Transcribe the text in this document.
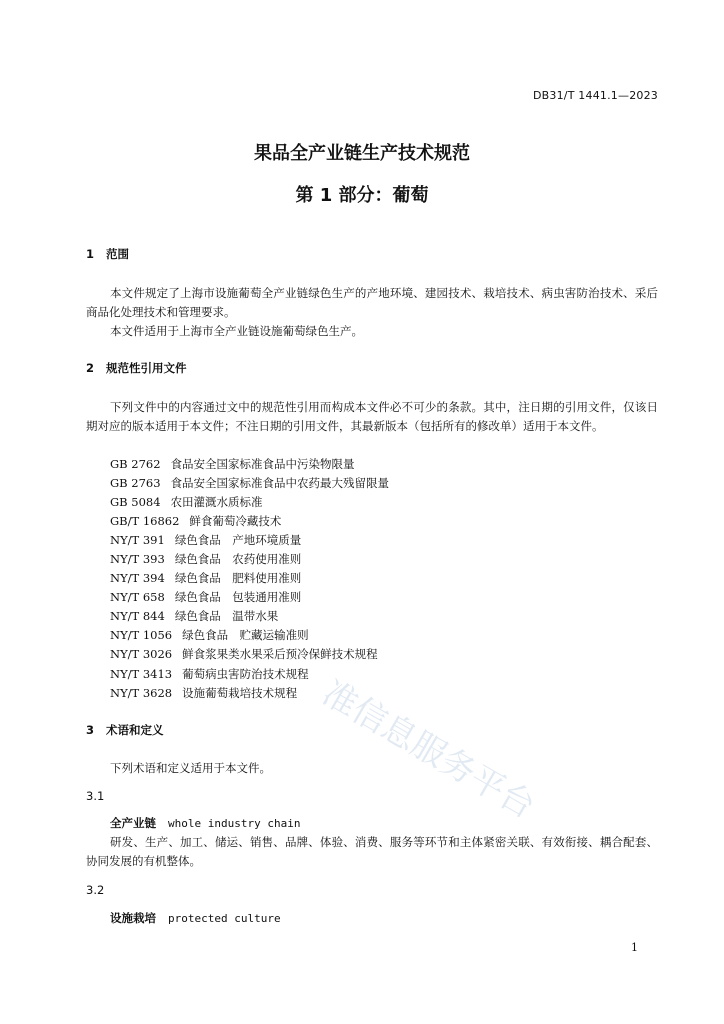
DB31/T 1441.1—2023
果品全产业链生产技术规范
第 1 部分：葡萄
1 范围
本文件规定了上海市设施葡萄全产业链绿色生产的产地环境、建园技术、栽培技术、病虫害防治技术、采后商品化处理技术和管理要求。
本文件适用于上海市全产业链设施葡萄绿色生产。
2 规范性引用文件
下列文件中的内容通过文中的规范性引用而构成本文件必不可少的条款。其中，注日期的引用文件，仅该日期对应的版本适用于本文件；不注日期的引用文件，其最新版本（包括所有的修改单）适用于本文件。
GB 2762 食品安全国家标准食品中污染物限量
GB 2763 食品安全国家标准食品中农药最大残留限量
GB 5084 农田灌溉水质标准
GB/T 16862 鲜食葡萄冷藏技术
NY/T 391 绿色食品　产地环境质量
NY/T 393 绿色食品　农药使用准则
NY/T 394 绿色食品　肥料使用准则
NY/T 658 绿色食品　包装通用准则
NY/T 844 绿色食品　温带水果
NY/T 1056 绿色食品　贮藏运输准则
NY/T 3026 鲜食浆果类水果采后预冷保鲜技术规程
NY/T 3413 葡萄病虫害防治技术规程
NY/T 3628 设施葡萄栽培技术规程
3 术语和定义
下列术语和定义适用于本文件。
3.1
全产业链 whole industry chain
研发、生产、加工、储运、销售、品牌、体验、消费、服务等环节和主体紧密关联、有效衔接、耦合配套、协同发展的有机整体。
3.2
设施栽培 protected culture
1
准信息服务平台
